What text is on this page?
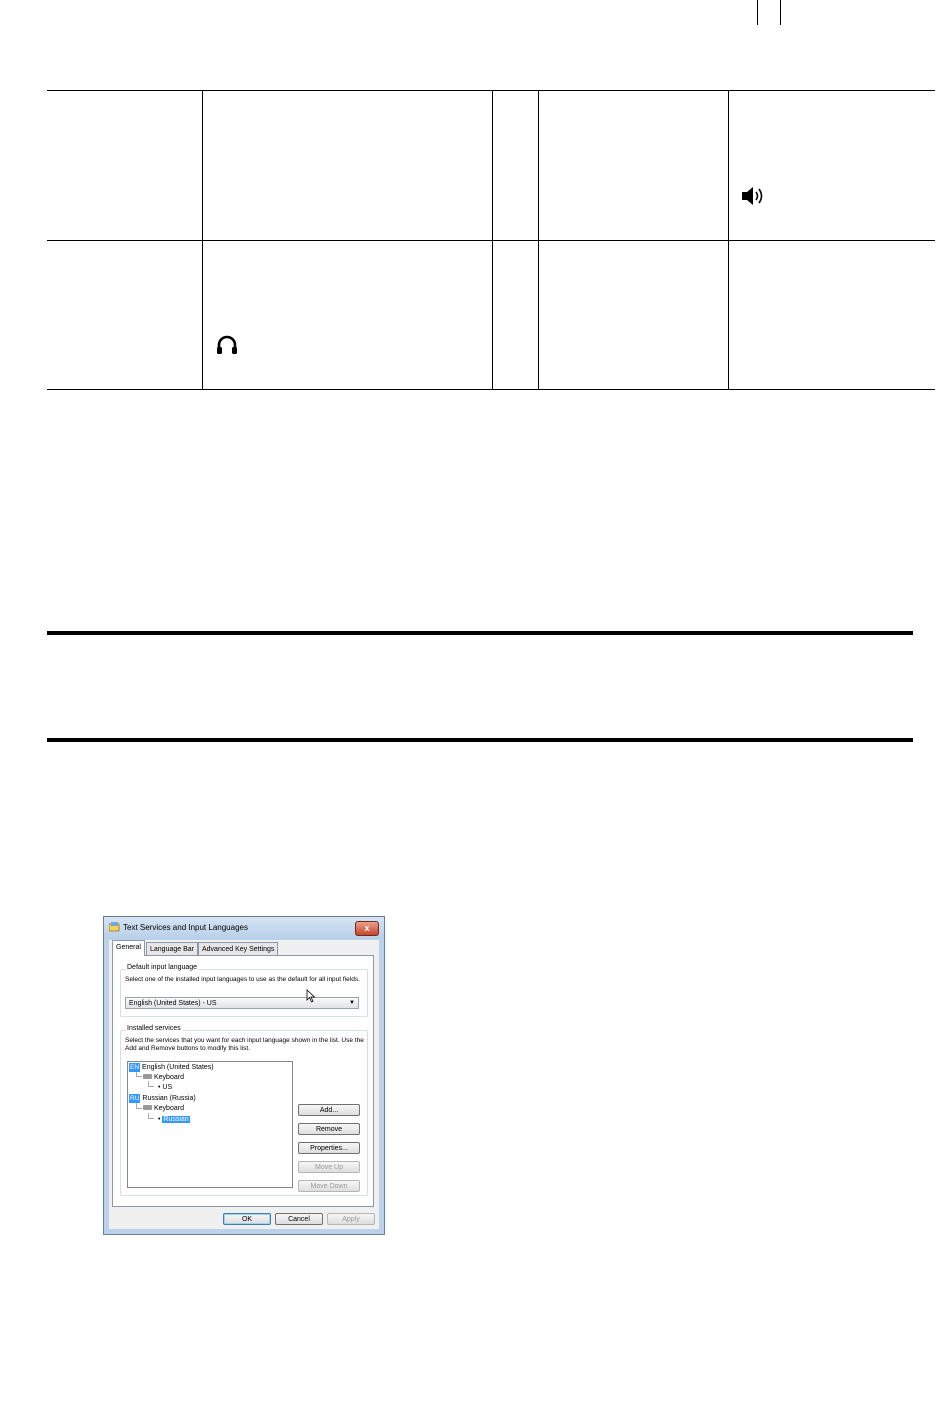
Text Services and Input Languages	x
General	Language Bar	Advanced Key Settings
Default input language
Select one of the installed input languages to use as the default for all input fields.
English (United States) - US	▼
Installed services
Select the services that you want for each input language shown in the list. Use the Add and Remove buttons to modify this list.
EN English (United States)
Keyboard
• US
RU Russian (Russia)
Keyboard
• Russian
Add...
Remove
Properties...
Move Up
Move Down
OK	Cancel	Apply
